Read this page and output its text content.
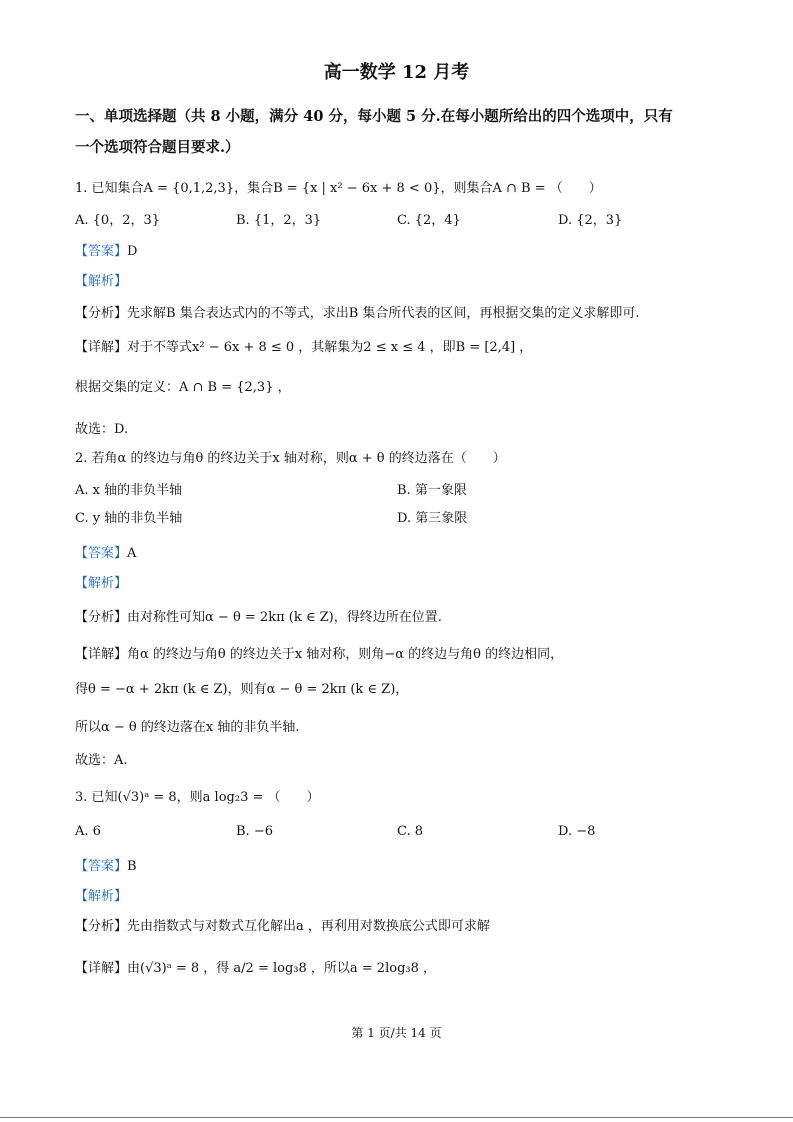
高一数学 12 月考
一、单项选择题（共 8 小题，满分 40 分，每小题 5 分.在每小题所给出的四个选项中，只有
一个选项符合题目要求.）
1. 已知集合A = {0,1,2,3}，集合B = {x | x² − 6x + 8 < 0}，则集合A ∩ B = （　　）
A. {0，2，3}	B. {1，2，3}	C. {2，4}	D. {2，3}
【答案】D
【解析】
【分析】先求解B 集合表达式内的不等式，求出B 集合所代表的区间，再根据交集的定义求解即可.
【详解】对于不等式x² − 6x + 8 ≤ 0 ，其解集为2 ≤ x ≤ 4 ，即B = [2,4] ，
根据交集的定义：A ∩ B = {2,3} ，
故选：D.
2. 若角α 的终边与角θ 的终边关于x 轴对称，则α + θ 的终边落在（　　）
A. x 轴的非负半轴	B. 第一象限
C. y 轴的非负半轴	D. 第三象限
【答案】A
【解析】
【分析】由对称性可知α − θ = 2kπ (k ∈ Z)，得终边所在位置.
【详解】角α 的终边与角θ 的终边关于x 轴对称，则角−α 的终边与角θ 的终边相同，
得θ = −α + 2kπ (k ∈ Z)，则有α − θ = 2kπ (k ∈ Z)，
所以α − θ 的终边落在x 轴的非负半轴.
故选：A.
3. 已知(√3)ᵃ = 8，则a log₂3 = （　　）
A. 6	B. −6	C. 8	D. −8
【答案】B
【解析】
【分析】先由指数式与对数式互化解出a ，再利用对数换底公式即可求解
【详解】由(√3)ᵃ = 8 ，得 a/2 = log₃8 ，所以a = 2log₃8 ，
第 1 页/共 14 页
